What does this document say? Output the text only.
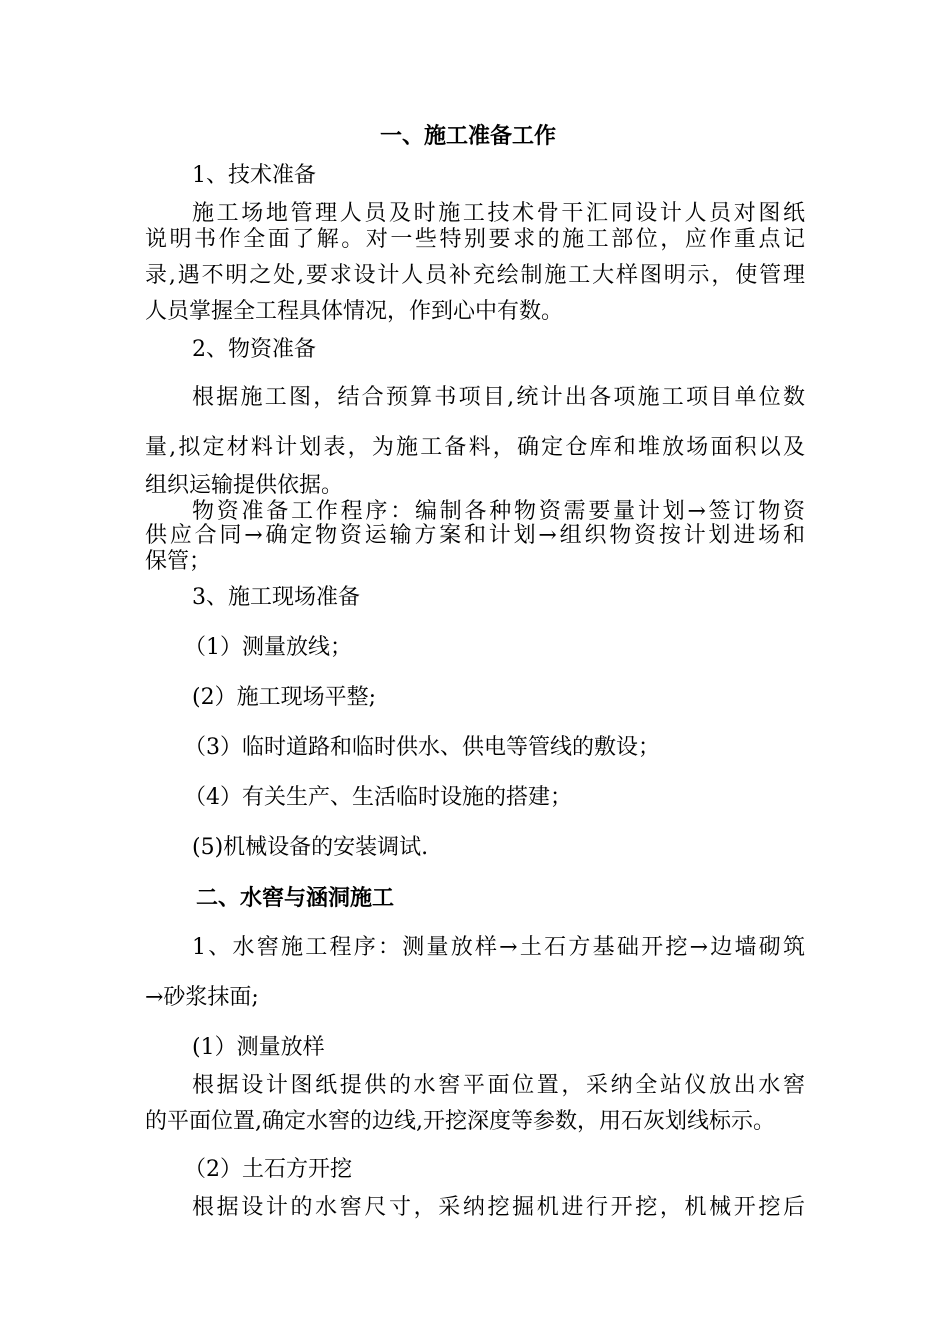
一、施工准备工作
1、技术准备
施工场地管理人员及时施工技术骨干汇同设计人员对图纸
说明书作全面了解。对一些特别要求的施工部位，应作重点记
录,遇不明之处,要求设计人员补充绘制施工大样图明示，使管理
人员掌握全工程具体情况，作到心中有数。
2、物资准备
根据施工图，结合预算书项目,统计出各项施工项目单位数
量,拟定材料计划表，为施工备料，确定仓库和堆放场面积以及
组织运输提供依据。
物资准备工作程序：编制各种物资需要量计划→签订物资
供应合同→确定物资运输方案和计划→组织物资按计划进场和
保管；
3、施工现场准备
（1）测量放线；
(2）施工现场平整;
（3）临时道路和临时供水、供电等管线的敷设；
（4）有关生产、生活临时设施的搭建；
(5)机械设备的安装调试.
二、水窖与涵洞施工
1、水窖施工程序：测量放样→土石方基础开挖→边墙砌筑
→砂浆抹面;
(1）测量放样
根据设计图纸提供的水窖平面位置，采纳全站仪放出水窖
的平面位置,确定水窖的边线,开挖深度等参数，用石灰划线标示。
（2）土石方开挖
根据设计的水窖尺寸，采纳挖掘机进行开挖，机械开挖后
